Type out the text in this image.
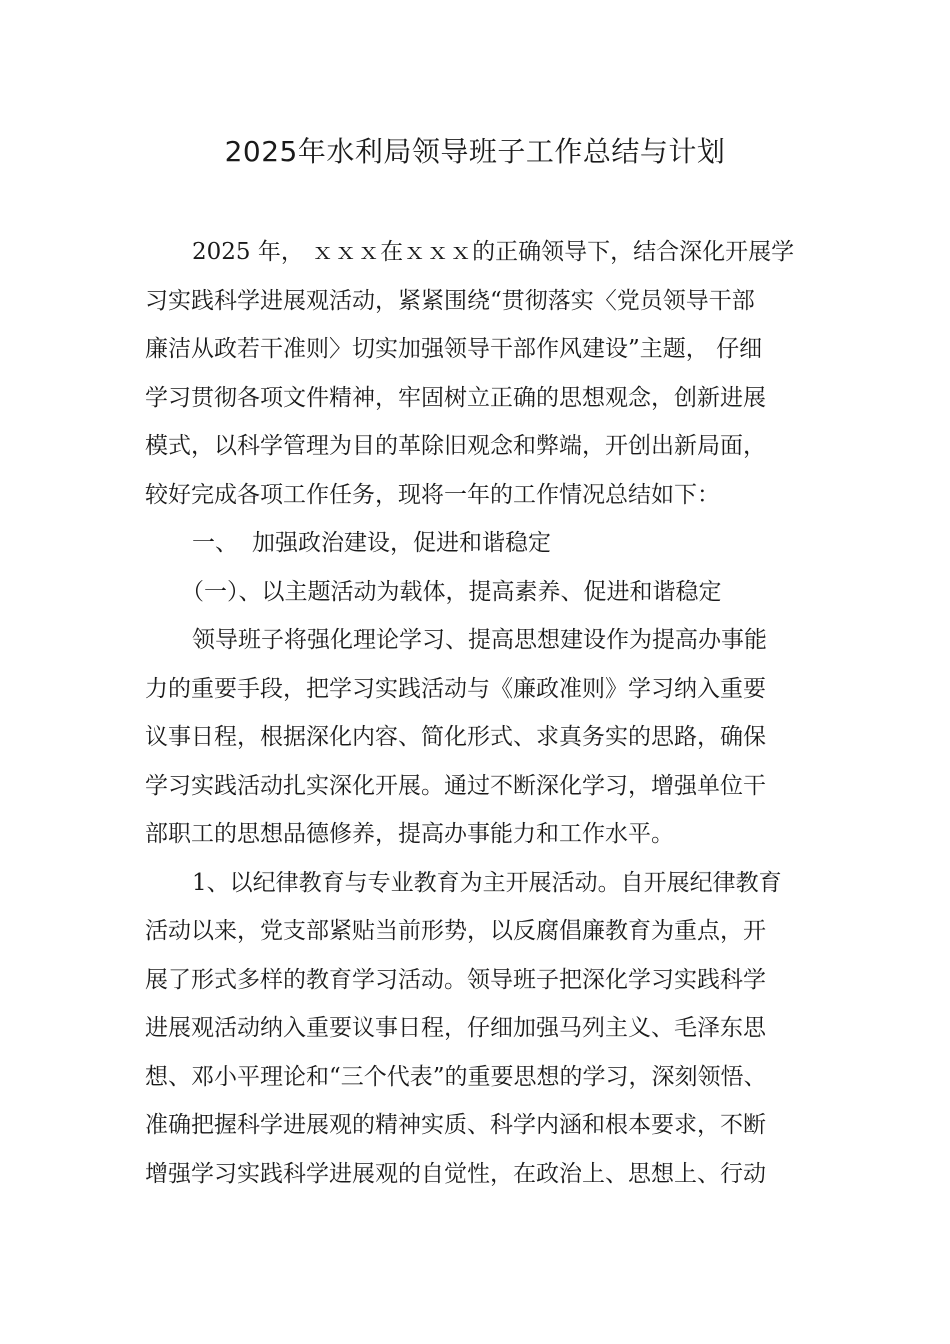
2025年水利局领导班子工作总结与计划
2025 年， ｘｘｘ在ｘｘｘ的正确领导下，结合深化开展学
习实践科学进展观活动，紧紧围绕“贯彻落实〈党员领导干部
廉洁从政若干准则〉切实加强领导干部作风建设”主题， 仔细
学习贯彻各项文件精神，牢固树立正确的思想观念，创新进展
模式，以科学管理为目的革除旧观念和弊端，开创出新局面，
较好完成各项工作任务，现将一年的工作情况总结如下：
一、 加强政治建设，促进和谐稳定
（一）、以主题活动为载体，提高素养、促进和谐稳定
领导班子将强化理论学习、提高思想建设作为提高办事能
力的重要手段，把学习实践活动与《廉政准则》学习纳入重要
议事日程，根据深化内容、简化形式、求真务实的思路，确保
学习实践活动扎实深化开展。通过不断深化学习，增强单位干
部职工的思想品德修养，提高办事能力和工作水平。
1、以纪律教育与专业教育为主开展活动。自开展纪律教育
活动以来，党支部紧贴当前形势，以反腐倡廉教育为重点，开
展了形式多样的教育学习活动。领导班子把深化学习实践科学
进展观活动纳入重要议事日程，仔细加强马列主义、毛泽东思
想、邓小平理论和“三个代表”的重要思想的学习，深刻领悟、
准确把握科学进展观的精神实质、科学内涵和根本要求，不断
增强学习实践科学进展观的自觉性，在政治上、思想上、行动
